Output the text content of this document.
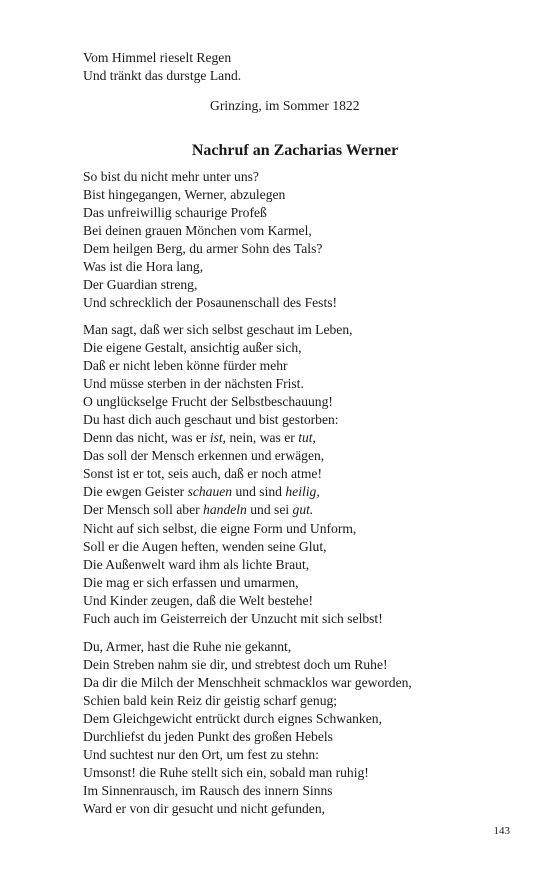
Vom Himmel rieselt Regen
Und tränkt das durstge Land.
Grinzing, im Sommer 1822
Nachruf an Zacharias Werner
So bist du nicht mehr unter uns?
Bist hingegangen, Werner, abzulegen
Das unfreiwillig schaurige Profeß
Bei deinen grauen Mönchen vom Karmel,
Dem heilgen Berg, du armer Sohn des Tals?
Was ist die Hora lang,
Der Guardian streng,
Und schrecklich der Posaunenschall des Fests!
Man sagt, daß wer sich selbst geschaut im Leben,
Die eigene Gestalt, ansichtig außer sich,
Daß er nicht leben könne fürder mehr
Und müsse sterben in der nächsten Frist.
O unglückselge Frucht der Selbstbeschauung!
Du hast dich auch geschaut und bist gestorben:
Denn das nicht, was er ist, nein, was er tut,
Das soll der Mensch erkennen und erwägen,
Sonst ist er tot, seis auch, daß er noch atme!
Die ewgen Geister schauen und sind heilig,
Der Mensch soll aber handeln und sei gut.
Nicht auf sich selbst, die eigne Form und Unform,
Soll er die Augen heften, wenden seine Glut,
Die Außenwelt ward ihm als lichte Braut,
Die mag er sich erfassen und umarmen,
Und Kinder zeugen, daß die Welt bestehe!
Fuch auch im Geisterreich der Unzucht mit sich selbst!
Du, Armer, hast die Ruhe nie gekannt,
Dein Streben nahm sie dir, und strebtest doch um Ruhe!
Da dir die Milch der Menschheit schmacklos war geworden,
Schien bald kein Reiz dir geistig scharf genug;
Dem Gleichgewicht entrückt durch eignes Schwanken,
Durchliefst du jeden Punkt des großen Hebels
Und suchtest nur den Ort, um fest zu stehn:
Umsonst! die Ruhe stellt sich ein, sobald man ruhig!
Im Sinnenrausch, im Rausch des innern Sinns
Ward er von dir gesucht und nicht gefunden,
143
